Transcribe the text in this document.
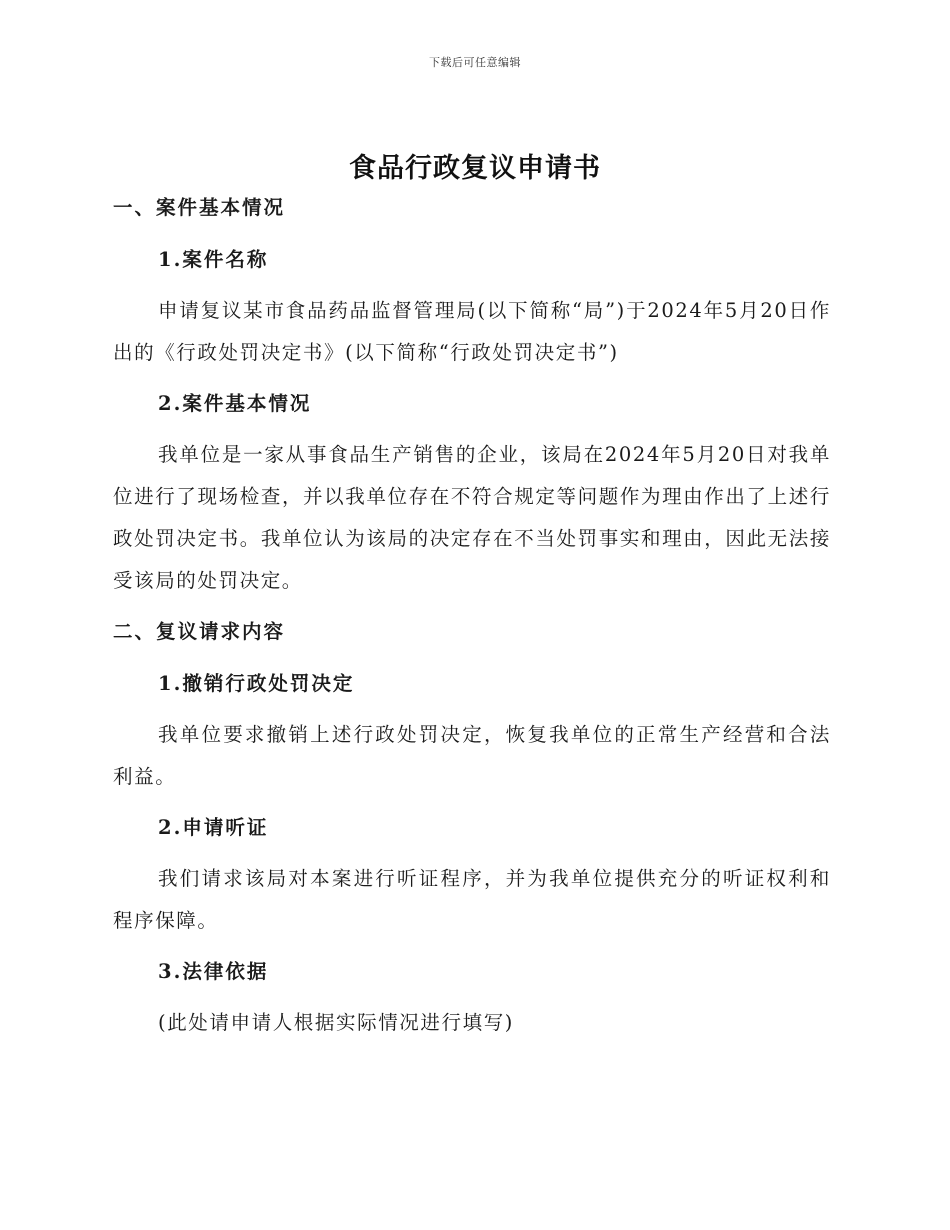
下载后可任意编辑
食品行政复议申请书
一、案件基本情况
1.案件名称

申请复议某市食品药品监督管理局(以下简称“局”)于2024年5月20日作出的《行政处罚决定书》(以下简称“行政处罚决定书”)

2.案件基本情况

我单位是一家从事食品生产销售的企业，该局在2024年5月20日对我单位进行了现场检查，并以我单位存在不符合规定等问题作为理由作出了上述行政处罚决定书。我单位认为该局的决定存在不当处罚事实和理由，因此无法接受该局的处罚决定。

二、复议请求内容
1.撤销行政处罚决定

我单位要求撤销上述行政处罚决定，恢复我单位的正常生产经营和合法利益。

2.申请听证

我们请求该局对本案进行听证程序，并为我单位提供充分的听证权利和程序保障。

3.法律依据

(此处请申请人根据实际情况进行填写)
